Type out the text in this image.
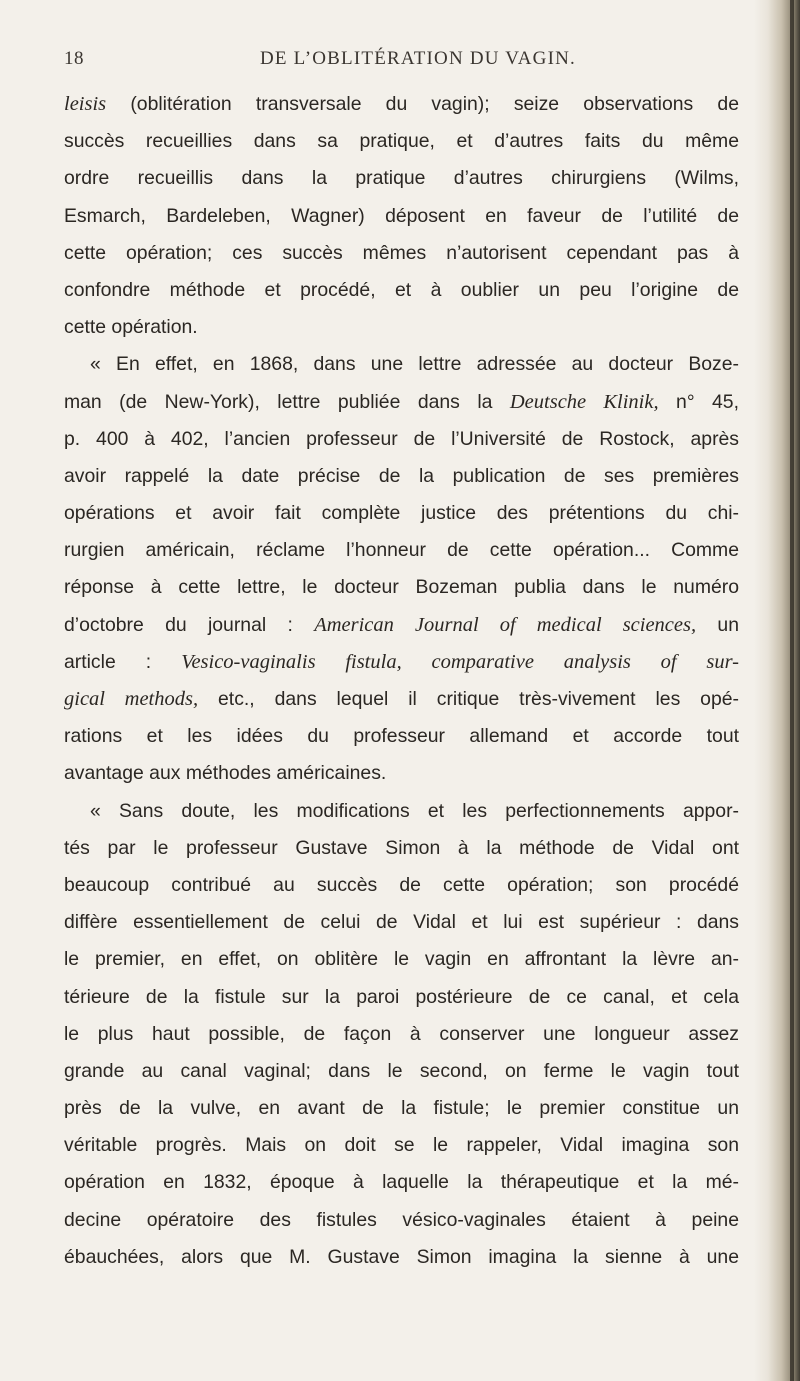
18	DE L’OBLITÉRATION DU VAGIN.
leisis (oblitération transversale du vagin); seize observations de
succès recueillies dans sa pratique, et d’autres faits du même
ordre recueillis dans la pratique d’autres chirurgiens (Wilms,
Esmarch, Bardeleben, Wagner) déposent en faveur de l’utilité de
cette opération; ces succès mêmes n’autorisent cependant pas à
confondre méthode et procédé, et à oublier un peu l’origine de
cette opération.
« En effet, en 1868, dans une lettre adressée au docteur Boze-
man (de New-York), lettre publiée dans la Deutsche Klinik, n° 45,
p. 400 à 402, l’ancien professeur de l’Université de Rostock, après
avoir rappelé la date précise de la publication de ses premières
opérations et avoir fait complète justice des prétentions du chi-
rurgien américain, réclame l’honneur de cette opération... Comme
réponse à cette lettre, le docteur Bozeman publia dans le numéro
d’octobre du journal : American Journal of medical sciences, un
article : Vesico-vaginalis fistula, comparative analysis of sur-
gical methods, etc., dans lequel il critique très-vivement les opé-
rations et les idées du professeur allemand et accorde tout
avantage aux méthodes américaines.
« Sans doute, les modifications et les perfectionnements appor-
tés par le professeur Gustave Simon à la méthode de Vidal ont
beaucoup contribué au succès de cette opération; son procédé
diffère essentiellement de celui de Vidal et lui est supérieur : dans
le premier, en effet, on oblitère le vagin en affrontant la lèvre an-
térieure de la fistule sur la paroi postérieure de ce canal, et cela
le plus haut possible, de façon à conserver une longueur assez
grande au canal vaginal; dans le second, on ferme le vagin tout
près de la vulve, en avant de la fistule; le premier constitue un
véritable progrès. Mais on doit se le rappeler, Vidal imagina son
opération en 1832, époque à laquelle la thérapeutique et la mé-
decine opératoire des fistules vésico-vaginales étaient à peine
ébauchées, alors que M. Gustave Simon imagina la sienne à une
